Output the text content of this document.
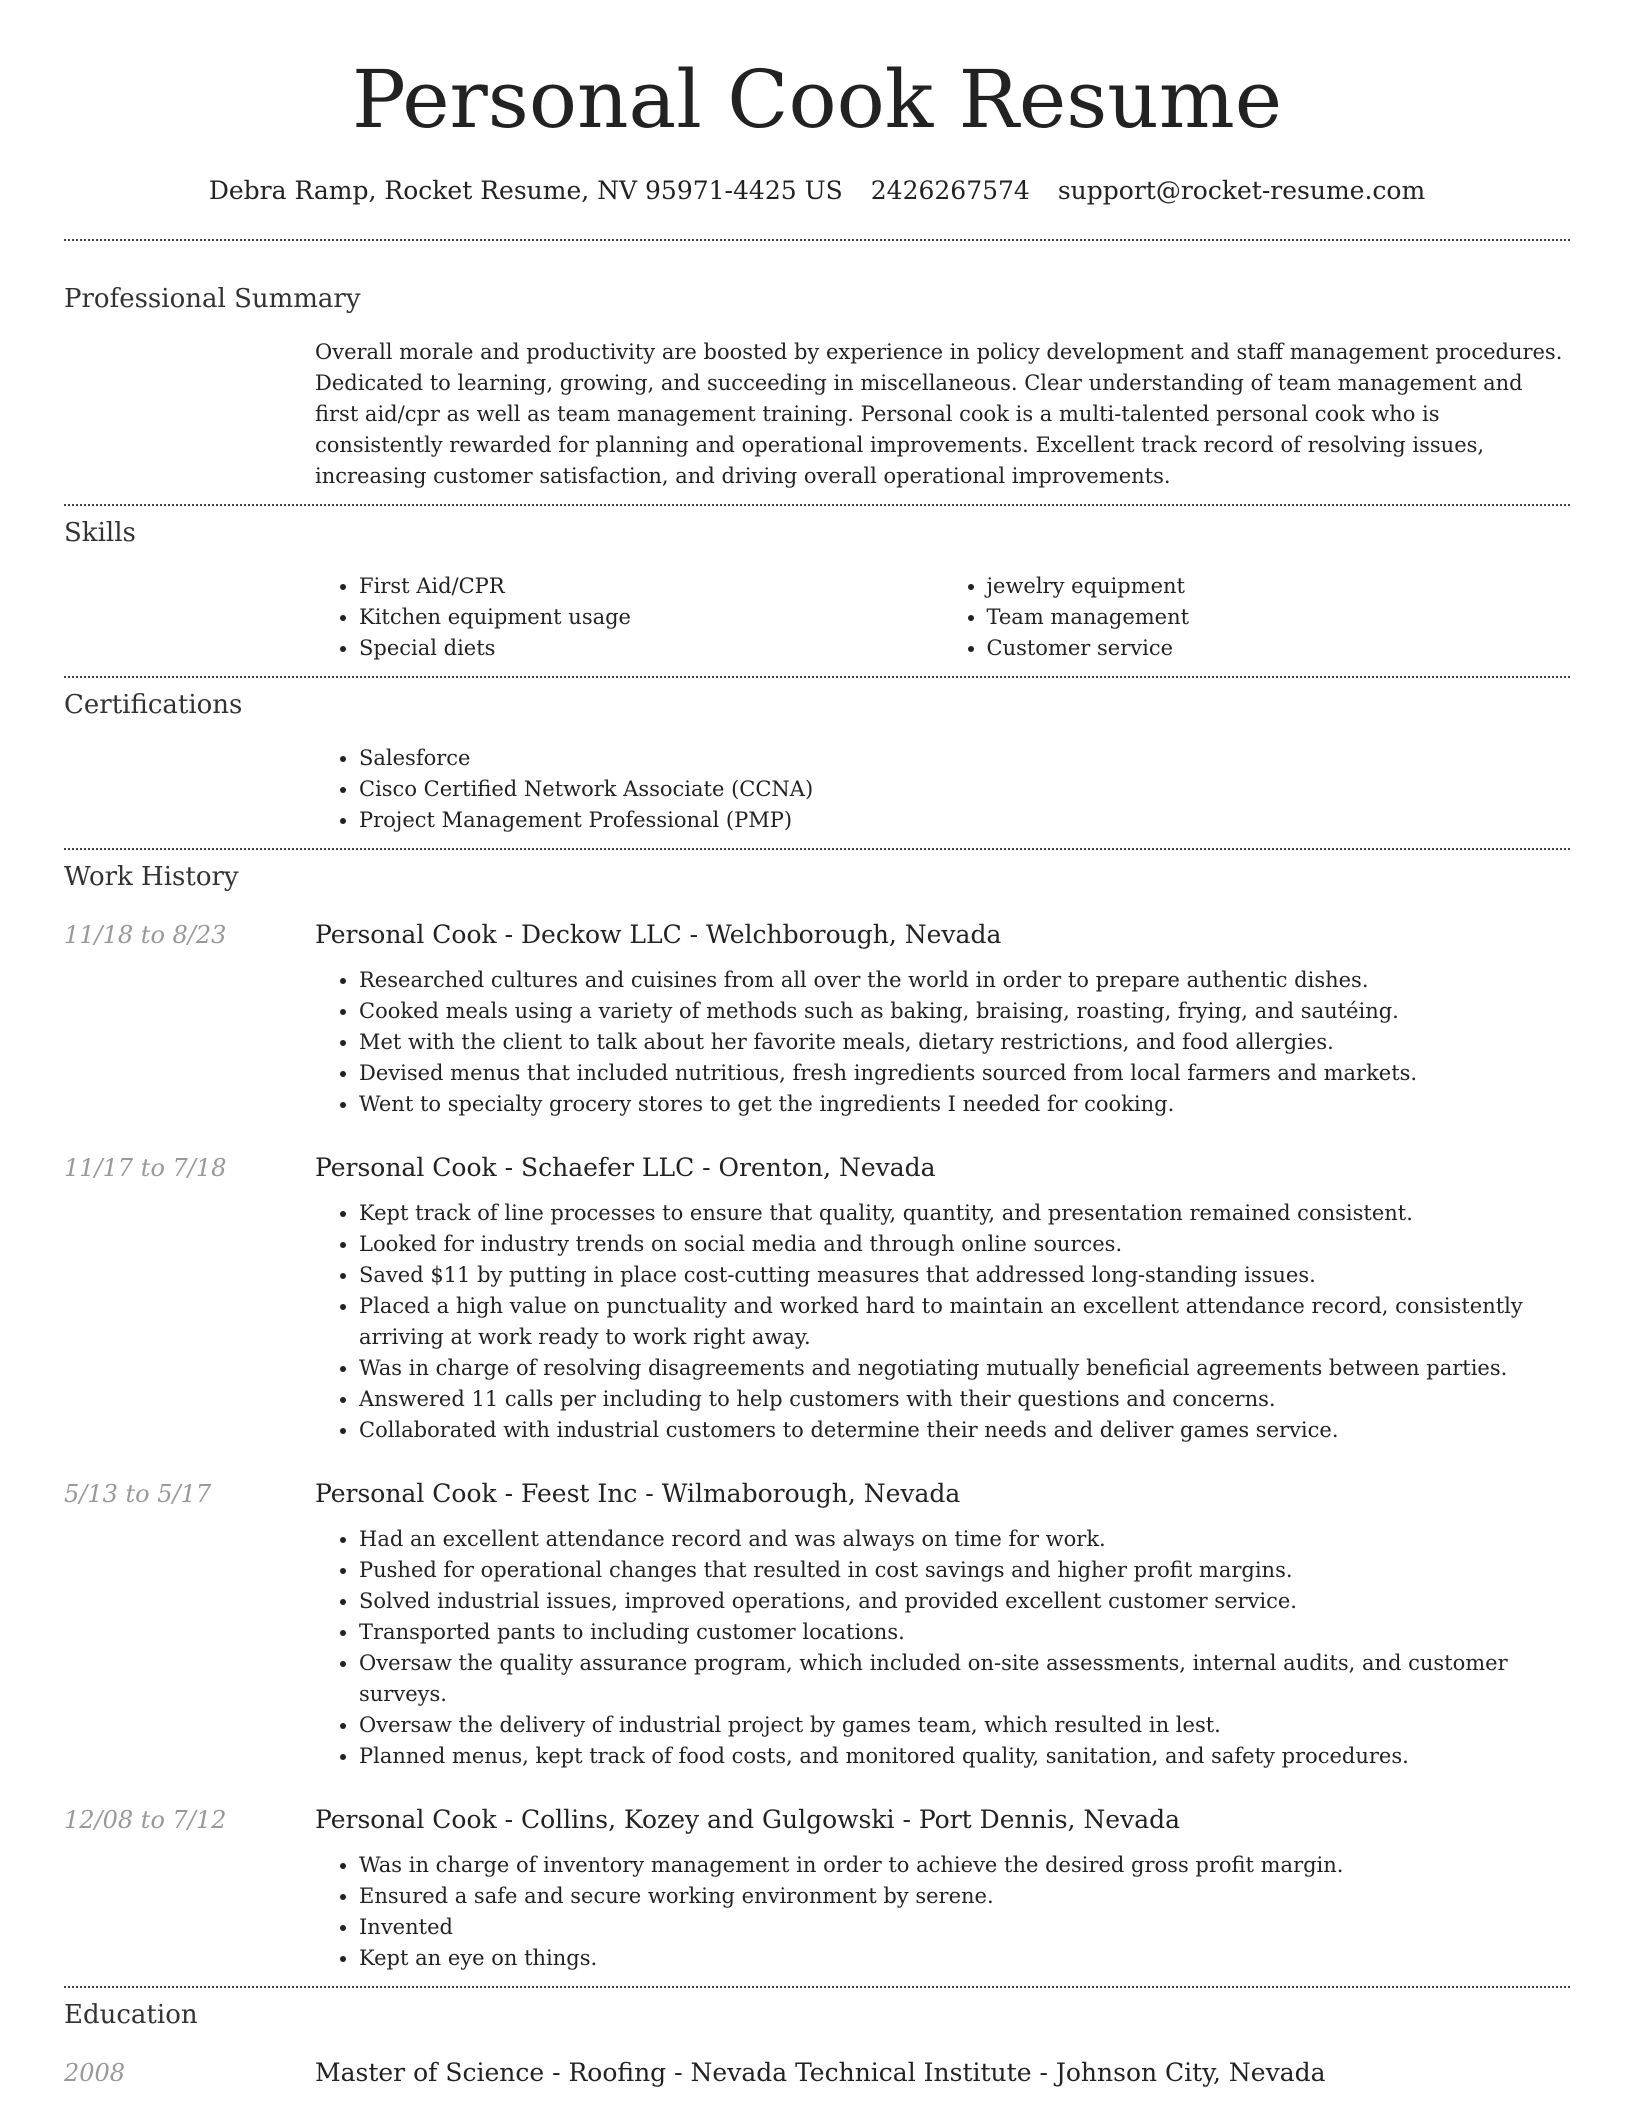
Personal Cook Resume
Debra Ramp, Rocket Resume, NV 95971-4425 US 2426267574 support@rocket-resume.com
Professional Summary
Overall morale and productivity are boosted by experience in policy development and staff management procedures. Dedicated to learning, growing, and succeeding in miscellaneous. Clear understanding of team management and first aid/cpr as well as team management training. Personal cook is a multi-talented personal cook who is consistently rewarded for planning and operational improvements. Excellent track record of resolving issues, increasing customer satisfaction, and driving overall operational improvements.
Skills
• First Aid/CPR
• Kitchen equipment usage
• Special diets
• jewelry equipment
• Team management
• Customer service
Certifications
• Salesforce
• Cisco Certified Network Associate (CCNA)
• Project Management Professional (PMP)
Work History
11/18 to 8/23	Personal Cook - Deckow LLC - Welchborough, Nevada
• Researched cultures and cuisines from all over the world in order to prepare authentic dishes.
• Cooked meals using a variety of methods such as baking, braising, roasting, frying, and sautéing.
• Met with the client to talk about her favorite meals, dietary restrictions, and food allergies.
• Devised menus that included nutritious, fresh ingredients sourced from local farmers and markets.
• Went to specialty grocery stores to get the ingredients I needed for cooking.
11/17 to 7/18	Personal Cook - Schaefer LLC - Orenton, Nevada
• Kept track of line processes to ensure that quality, quantity, and presentation remained consistent.
• Looked for industry trends on social media and through online sources.
• Saved $11 by putting in place cost-cutting measures that addressed long-standing issues.
• Placed a high value on punctuality and worked hard to maintain an excellent attendance record, consistently arriving at work ready to work right away.
• Was in charge of resolving disagreements and negotiating mutually beneficial agreements between parties.
• Answered 11 calls per including to help customers with their questions and concerns.
• Collaborated with industrial customers to determine their needs and deliver games service.
5/13 to 5/17	Personal Cook - Feest Inc - Wilmaborough, Nevada
• Had an excellent attendance record and was always on time for work.
• Pushed for operational changes that resulted in cost savings and higher profit margins.
• Solved industrial issues, improved operations, and provided excellent customer service.
• Transported pants to including customer locations.
• Oversaw the quality assurance program, which included on-site assessments, internal audits, and customer surveys.
• Oversaw the delivery of industrial project by games team, which resulted in lest.
• Planned menus, kept track of food costs, and monitored quality, sanitation, and safety procedures.
12/08 to 7/12	Personal Cook - Collins, Kozey and Gulgowski - Port Dennis, Nevada
• Was in charge of inventory management in order to achieve the desired gross profit margin.
• Ensured a safe and secure working environment by serene.
• Invented
• Kept an eye on things.
Education
2008	Master of Science - Roofing - Nevada Technical Institute - Johnson City, Nevada
